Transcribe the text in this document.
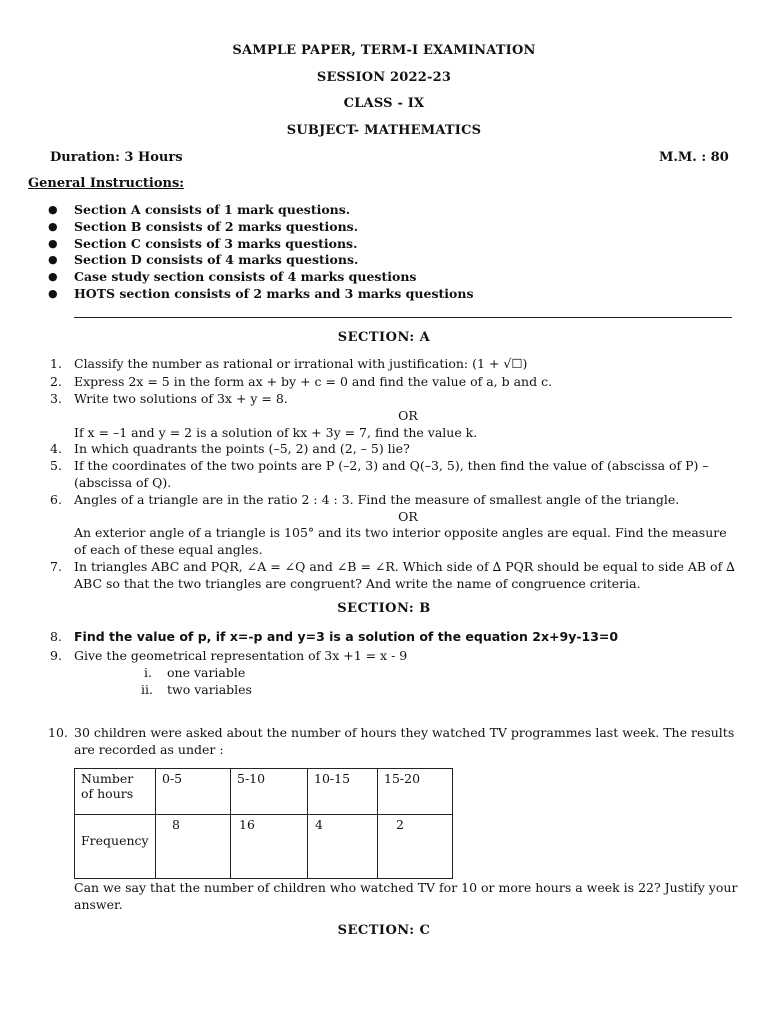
SAMPLE PAPER, TERM-I EXAMINATION
SESSION 2022-23
CLASS - IX
SUBJECT- MATHEMATICS
Duration: 3 Hours	M.M. : 80
General Instructions:
● Section A consists of 1 mark questions.
● Section B consists of 2 marks questions.
● Section C consists of 3 marks questions.
● Section D consists of 4 marks questions.
● Case study section consists of 4 marks questions
● HOTS section consists of 2 marks and 3 marks questions
SECTION: A
1. Classify the number as rational or irrational with justification: (1 + √☐)
2. Express 2x = 5 in the form ax + by + c = 0 and find the value of a, b and c.
3. Write two solutions of 3x + y = 8.
OR
If x = –1 and y = 2 is a solution of kx + 3y = 7, find the value k.
4. In which quadrants the points (–5, 2) and (2, – 5) lie?
5. If the coordinates of the two points are P (–2, 3) and Q(–3, 5), then find the value of (abscissa of P) – (abscissa of Q).
6. Angles of a triangle are in the ratio 2 : 4 : 3. Find the measure of smallest angle of the triangle.
OR
An exterior angle of a triangle is 105° and its two interior opposite angles are equal. Find the measure of each of these equal angles.
7. In triangles ABC and PQR, ∠A = ∠Q and ∠B = ∠R. Which side of ∆ PQR should be equal to side AB of ∆ ABC so that the two triangles are congruent? And write the name of congruence criteria.
SECTION: B
8. Find the value of p, if x=-p and y=3 is a solution of the equation 2x+9y-13=0
9. Give the geometrical representation of 3x +1 = x - 9
i. one variable
ii. two variables
10. 30 children were asked about the number of hours they watched TV programmes last week. The results are recorded as under :
Number of hours	0-5	5-10	10-15	15-20
Frequency	8	16	4	2
Can we say that the number of children who watched TV for 10 or more hours a week is 22? Justify your answer.
SECTION: C
